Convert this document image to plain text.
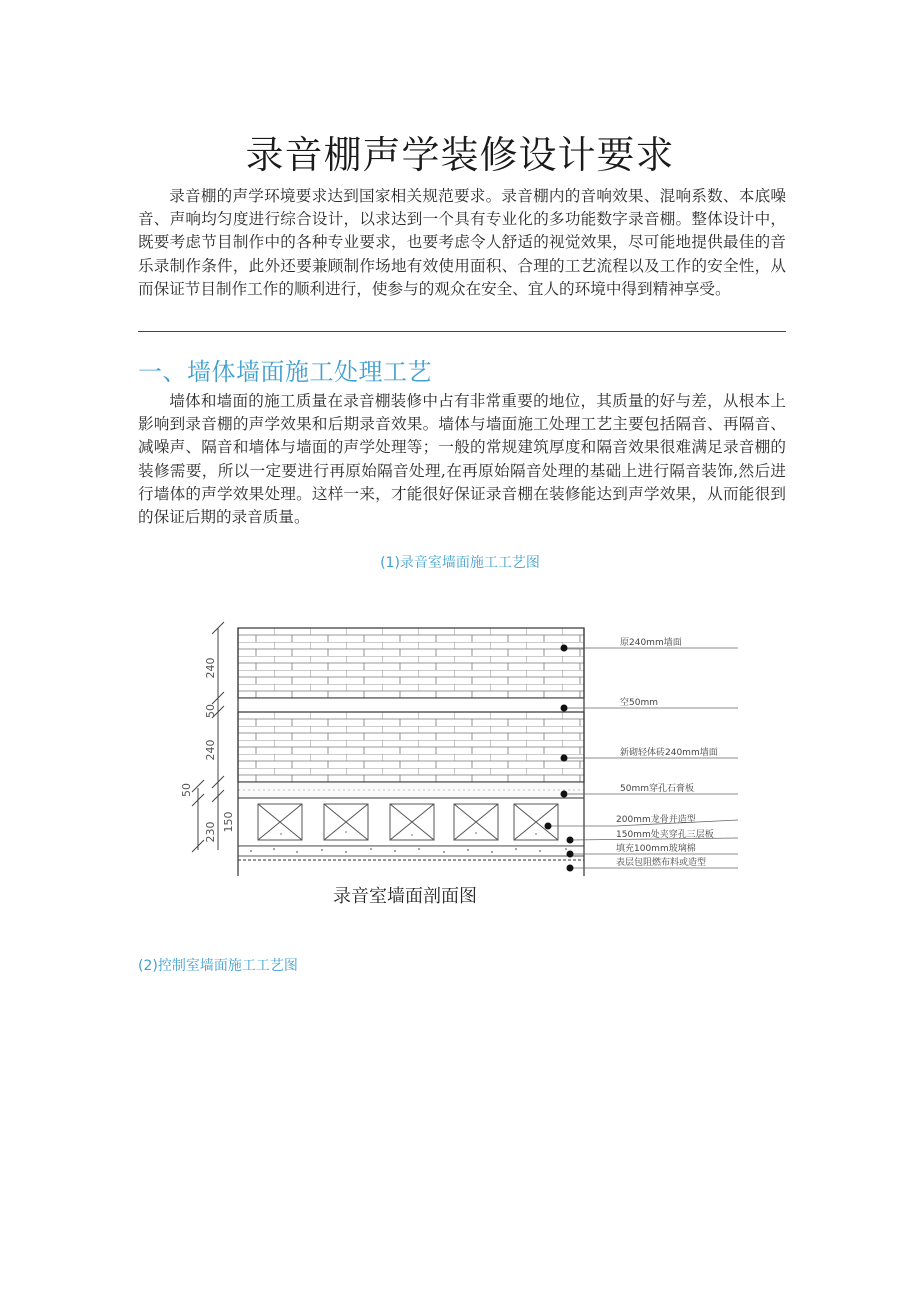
录音棚声学装修设计要求

录音棚的声学环境要求达到国家相关规范要求。录音棚内的音响效果、混响系数、本底噪音、声响均匀度进行综合设计，以求达到一个具有专业化的多功能数字录音棚。整体设计中，既要考虑节目制作中的各种专业要求，也要考虑令人舒适的视觉效果，尽可能地提供最佳的音乐录制作条件，此外还要兼顾制作场地有效使用面积、合理的工艺流程以及工作的安全性，从而保证节目制作工作的顺利进行，使参与的观众在安全、宜人的环境中得到精神享受。

一、墙体墙面施工处理工艺

墙体和墙面的施工质量在录音棚装修中占有非常重要的地位，其质量的好与差，从根本上影响到录音棚的声学效果和后期录音效果。墙体与墙面施工处理工艺主要包括隔音、再隔音、减噪声、隔音和墙体与墙面的声学处理等；一般的常规建筑厚度和隔音效果很难满足录音棚的装修需要，所以一定要进行再原始隔音处理,在再原始隔音处理的基础上进行隔音装饰,然后进行墙体的声学效果处理。这样一来，才能很好保证录音棚在装修能达到声学效果，从而能很到的保证后期的录音质量。

(1)录音室墙面施工工艺图

240
50
240
50
150
230
原240mm墙面
空50mm
新砌轻体砖240mm墙面
50mm穿孔石膏板
200mm龙骨并造型
150mm处夹穿孔三层板
填充100mm玻璃棉
表层包阻燃布料或造型

录音室墙面剖面图

(2)控制室墙面施工工艺图
